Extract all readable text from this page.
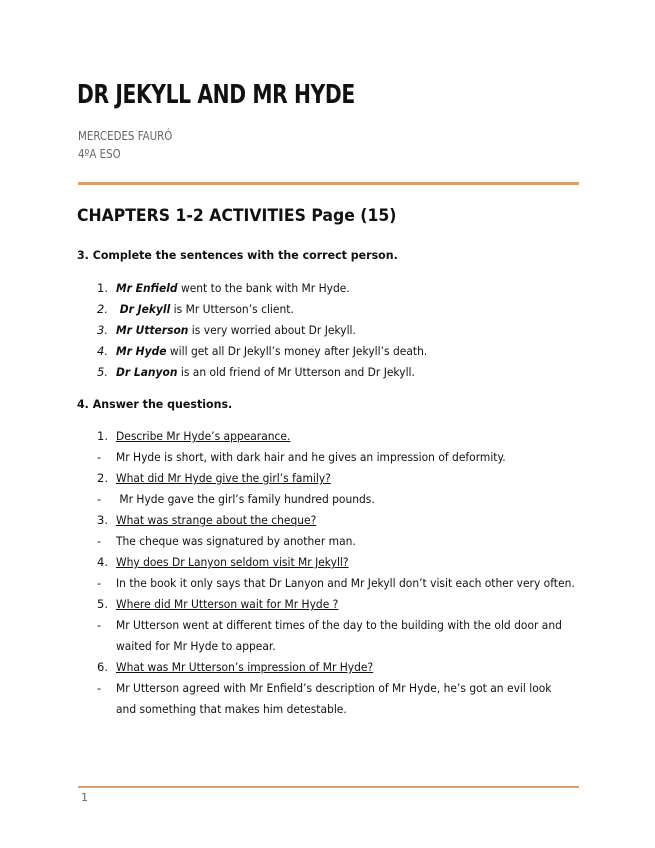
DR JEKYLL AND MR HYDE
MERCEDES FAURÓ
4ºA ESO
CHAPTERS 1-2 ACTIVITIES Page (15)
3. Complete the sentences with the correct person.
1. Mr Enfield went to the bank with Mr Hyde.
2. Dr Jekyll is Mr Utterson’s client.
3. Mr Utterson is very worried about Dr Jekyll.
4. Mr Hyde will get all Dr Jekyll’s money after Jekyll’s death.
5. Dr Lanyon is an old friend of Mr Utterson and Dr Jekyll.
4. Answer the questions.
1. Describe Mr Hyde’s appearance.
- Mr Hyde is short, with dark hair and he gives an impression of deformity.
2. What did Mr Hyde give the girl’s family?
- Mr Hyde gave the girl’s family hundred pounds.
3. What was strange about the cheque?
- The cheque was signatured by another man.
4. Why does Dr Lanyon seldom visit Mr Jekyll?
- In the book it only says that Dr Lanyon and Mr Jekyll don’t visit each other very often.
5. Where did Mr Utterson wait for Mr Hyde ?
- Mr Utterson went at different times of the day to the building with the old door and
waited for Mr Hyde to appear.
6. What was Mr Utterson’s impression of Mr Hyde?
- Mr Utterson agreed with Mr Enfield’s description of Mr Hyde, he’s got an evil look
and something that makes him detestable.
1
